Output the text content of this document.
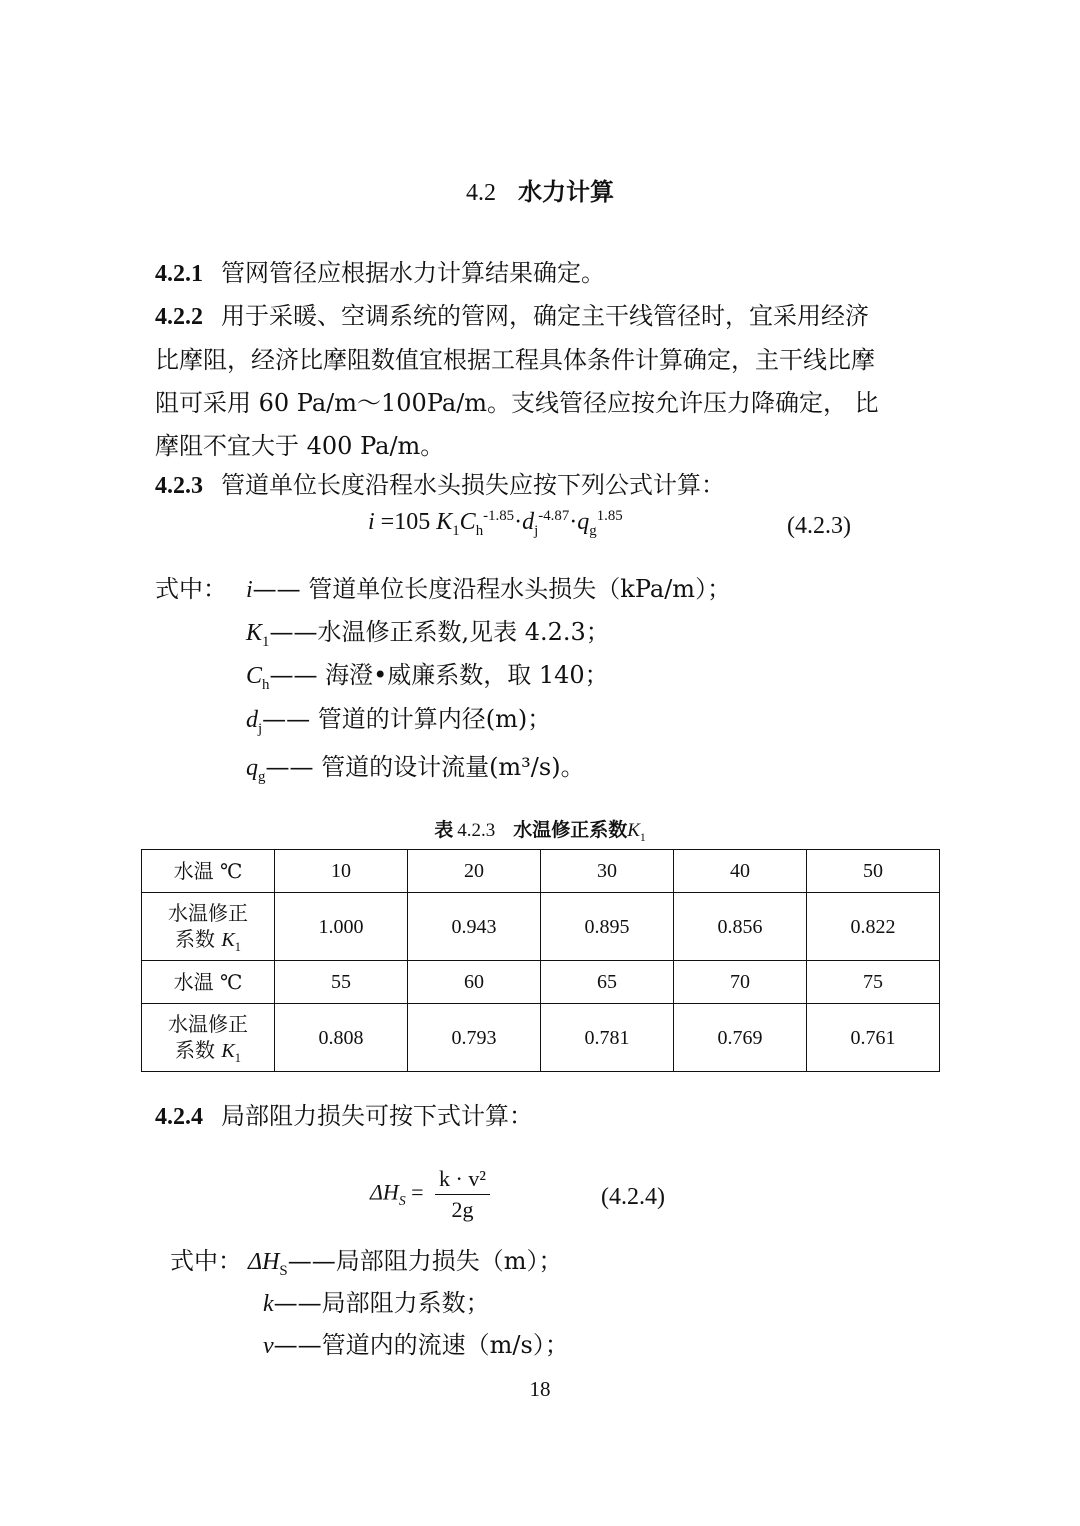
4.2 水力计算
4.2.1 管网管径应根据水力计算结果确定。
4.2.2 用于采暖、空调系统的管网，确定主干线管径时，宜采用经济
比摩阻，经济比摩阻数值宜根据工程具体条件计算确定，主干线比摩
阻可采用 60 Pa/m～100Pa/m。支线管径应按允许压力降确定， 比
摩阻不宜大于 400 Pa/m。
4.2.3 管道单位长度沿程水头损失应按下列公式计算：
i =105 $K_1C_h^{-1.85}\cdot d_j^{-4.87}\cdot q_g^{1.85}$	(4.2.3)
式中： i—— 管道单位长度沿程水头损失（kPa/m）；
$K_1——$水温修正系数,见表 4.2.3；
$C_h——$ 海澄•威廉系数，取 140；
$d_j——$ 管道的计算内径(m)；
$q_g——$ 管道的设计流量(m³/s)。
表 4.2.3 水温修正系数$K_1$
水温 ℃	10	20	30	40	50

水温修正
系数 $K_1$	1.000	0.943	0.895	0.856	0.822
水温 ℃	55	60	65	70	75

水温修正
系数 $K_1$	0.808	0.793	0.781	0.769	0.761
4.2.4 局部阻力损失可按下式计算：
$\Delta H_S = \frac{\text{k · v²}}{2g}$	(4.2.4)
式中： $\Delta H_S——$局部阻力损失（m）；
k——局部阻力系数；
v——管道内的流速（m/s）；
18
